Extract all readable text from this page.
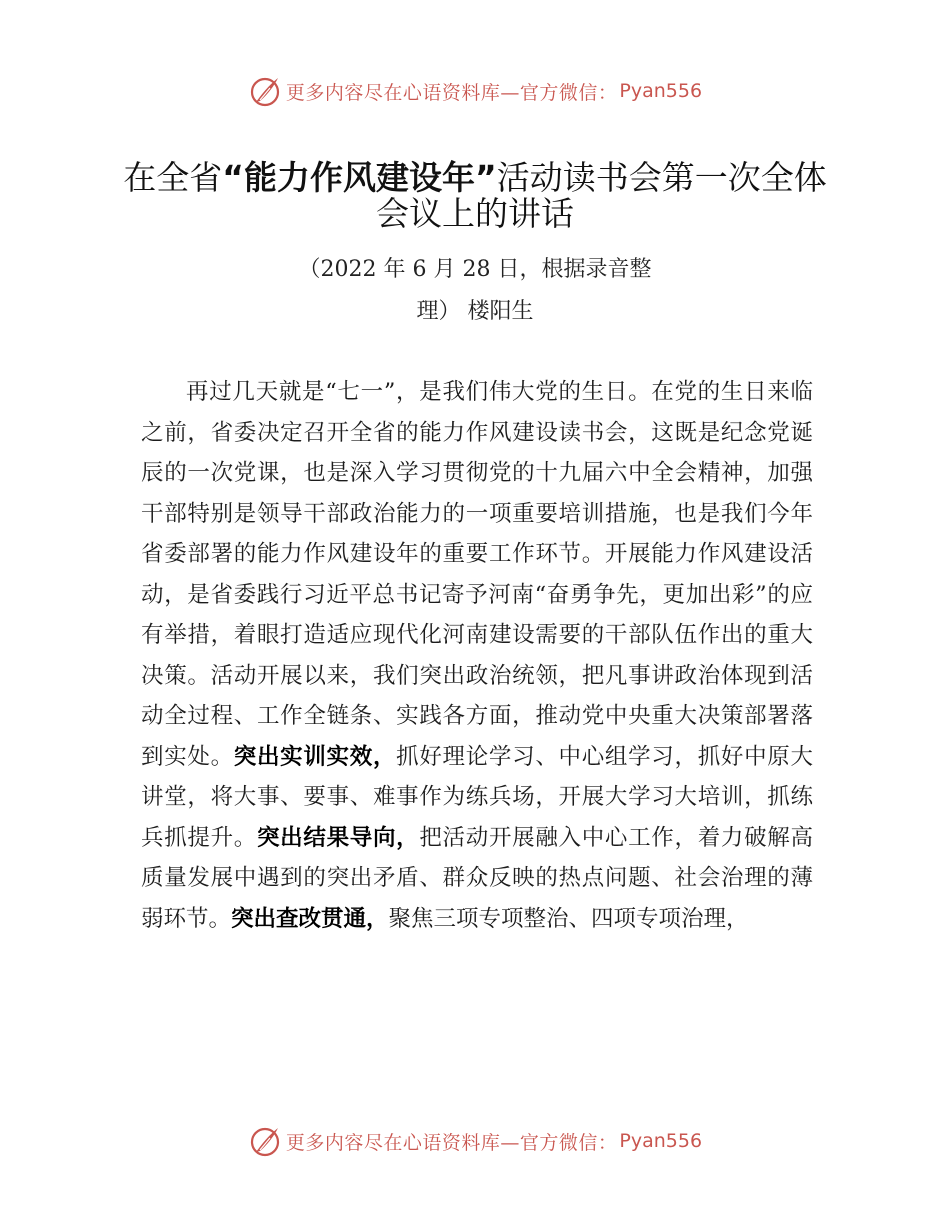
更多内容尽在心语资料库—官方微信： Pyan556
在全省“能力作风建设年”活动读书会第一次全体会议上的讲话
（2022 年 6 月 28 日，根据录音整
理） 楼阳生

再过几天就是“七一”，是我们伟大党的生日。在党的生日来临之前，省委决定召开全省的能力作风建设读书会，这既是纪念党诞辰的一次党课，也是深入学习贯彻党的十九届六中全会精神，加强干部特别是领导干部政治能力的一项重要培训措施，也是我们今年省委部署的能力作风建设年的重要工作环节。开展能力作风建设活动，是省委践行习近平总书记寄予河南“奋勇争先，更加出彩”的应有举措，着眼打造适应现代化河南建设需要的干部队伍作出的重大决策。活动开展以来，我们突出政治统领，把凡事讲政治体现到活动全过程、工作全链条、实践各方面，推动党中央重大决策部署落到实处。突出实训实效，抓好理论学习、中心组学习，抓好中原大讲堂，将大事、要事、难事作为练兵场，开展大学习大培训，抓练兵抓提升。突出结果导向，把活动开展融入中心工作，着力破解高质量发展中遇到的突出矛盾、群众反映的热点问题、社会治理的薄弱环节。突出查改贯通，聚焦三项专项整治、四项专项治理，

更多内容尽在心语资料库—官方微信： Pyan556
